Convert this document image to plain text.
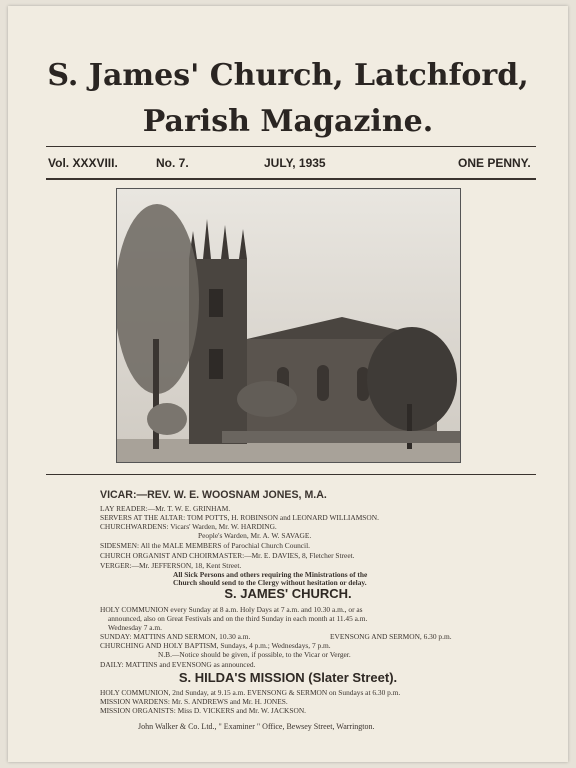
S. James' Church, Latchford,
Parish Magazine.
Vol. XXXVIII.	No. 7.	JULY, 1935	ONE PENNY.
VICAR:—REV. W. E. WOOSNAM JONES, M.A.
LAY READER:—Mr. T. W. E. GRINHAM.
SERVERS AT THE ALTAR: TOM POTTS, H. ROBINSON and LEONARD WILLIAMSON.
CHURCHWARDENS: Vicars' Warden, Mr. W. HARDING.
People's Warden, Mr. A. W. SAVAGE.
SIDESMEN: All the MALE MEMBERS of Parochial Church Council.
CHURCH ORGANIST AND CHOIRMASTER:—Mr. E. DAVIES, 8, Fletcher Street.
VERGER:—Mr. JEFFERSON, 18, Kent Street.
All Sick Persons and others requiring the Ministrations of the
Church should send to the Clergy without hesitation or delay.
S. JAMES' CHURCH.
HOLY COMMUNION every Sunday at 8 a.m. Holy Days at 7 a.m. and 10.30 a.m., or as
announced, also on Great Festivals and on the third Sunday in each month at 11.45 a.m.
Wednesday 7 a.m.
SUNDAY: MATTINS AND SERMON, 10.30 a.m.	EVENSONG AND SERMON, 6.30 p.m.
CHURCHING AND HOLY BAPTISM, Sundays, 4 p.m.; Wednesdays, 7 p.m.
N.B.—Notice should be given, if possible, to the Vicar or Verger.
DAILY: MATTINS and EVENSONG as announced.
S. HILDA'S MISSION (Slater Street).
HOLY COMMUNION, 2nd Sunday, at 9.15 a.m. EVENSONG & SERMON on Sundays at 6.30 p.m.
MISSION WARDENS: Mr. S. ANDREWS and Mr. H. JONES.
MISSION ORGANISTS: Miss D. VICKERS and Mr. W. JACKSON.
John Walker & Co. Ltd., " Examiner " Office, Bewsey Street, Warrington.
